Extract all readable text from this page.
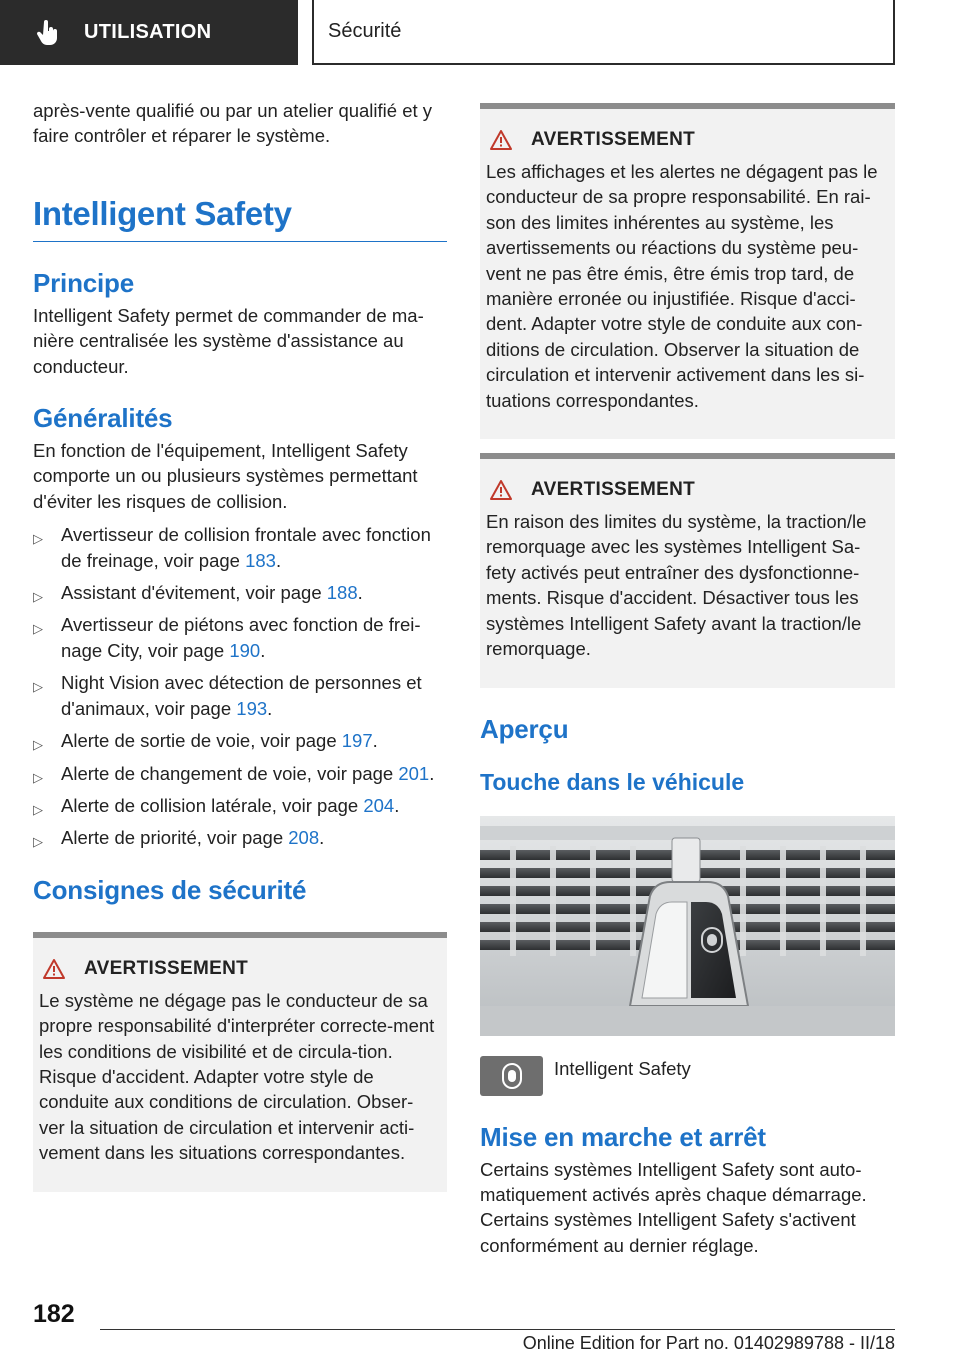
UTILISATION	Sécurité

après-vente qualifié ou par un atelier qualifié et y faire contrôler et réparer le système.

Intelligent Safety
Principe

Intelligent Safety permet de commander de ma-nière centralisée les système d'assistance au conducteur.

Généralités

En fonction de l'équipement, Intelligent Safety comporte un ou plusieurs systèmes permettant d'éviter les risques de collision.

▷ Avertisseur de collision frontale avec fonction de freinage, voir page 183.
▷ Assistant d'évitement, voir page 188.
▷ Avertisseur de piétons avec fonction de frei-nage City, voir page 190.
▷ Night Vision avec détection de personnes et d'animaux, voir page 193.
▷ Alerte de sortie de voie, voir page 197.
▷ Alerte de changement de voie, voir page 201.
▷ Alerte de collision latérale, voir page 204.
▷ Alerte de priorité, voir page 208.
Consignes de sécurité
AVERTISSEMENT

Le système ne dégage pas le conducteur de sa propre responsabilité d'interpréter correcte-ment les conditions de visibilité et de circula-tion. Risque d'accident. Adapter votre style de conduite aux conditions de circulation. Obser-ver la situation de circulation et intervenir acti-vement dans les situations correspondantes.

AVERTISSEMENT

Les affichages et les alertes ne dégagent pas le conducteur de sa propre responsabilité. En rai-son des limites inhérentes au système, les avertissements ou réactions du système peu-vent ne pas être émis, être émis trop tard, de manière erronée ou injustifiée. Risque d'acci-dent. Adapter votre style de conduite aux con-ditions de circulation. Observer la situation de circulation et intervenir activement dans les si-tuations correspondantes.

AVERTISSEMENT

En raison des limites du système, la traction/le remorquage avec les systèmes Intelligent Sa-fety activés peut entraîner des dysfonctionne-ments. Risque d'accident. Désactiver tous les systèmes Intelligent Safety avant la traction/le remorquage.

Aperçu
Touche dans le véhicule
Intelligent Safety
Mise en marche et arrêt

Certains systèmes Intelligent Safety sont auto-matiquement activés après chaque démarrage. Certains systèmes Intelligent Safety s'activent conformément au dernier réglage.

182
Online Edition for Part no. 01402989788 - II/18
